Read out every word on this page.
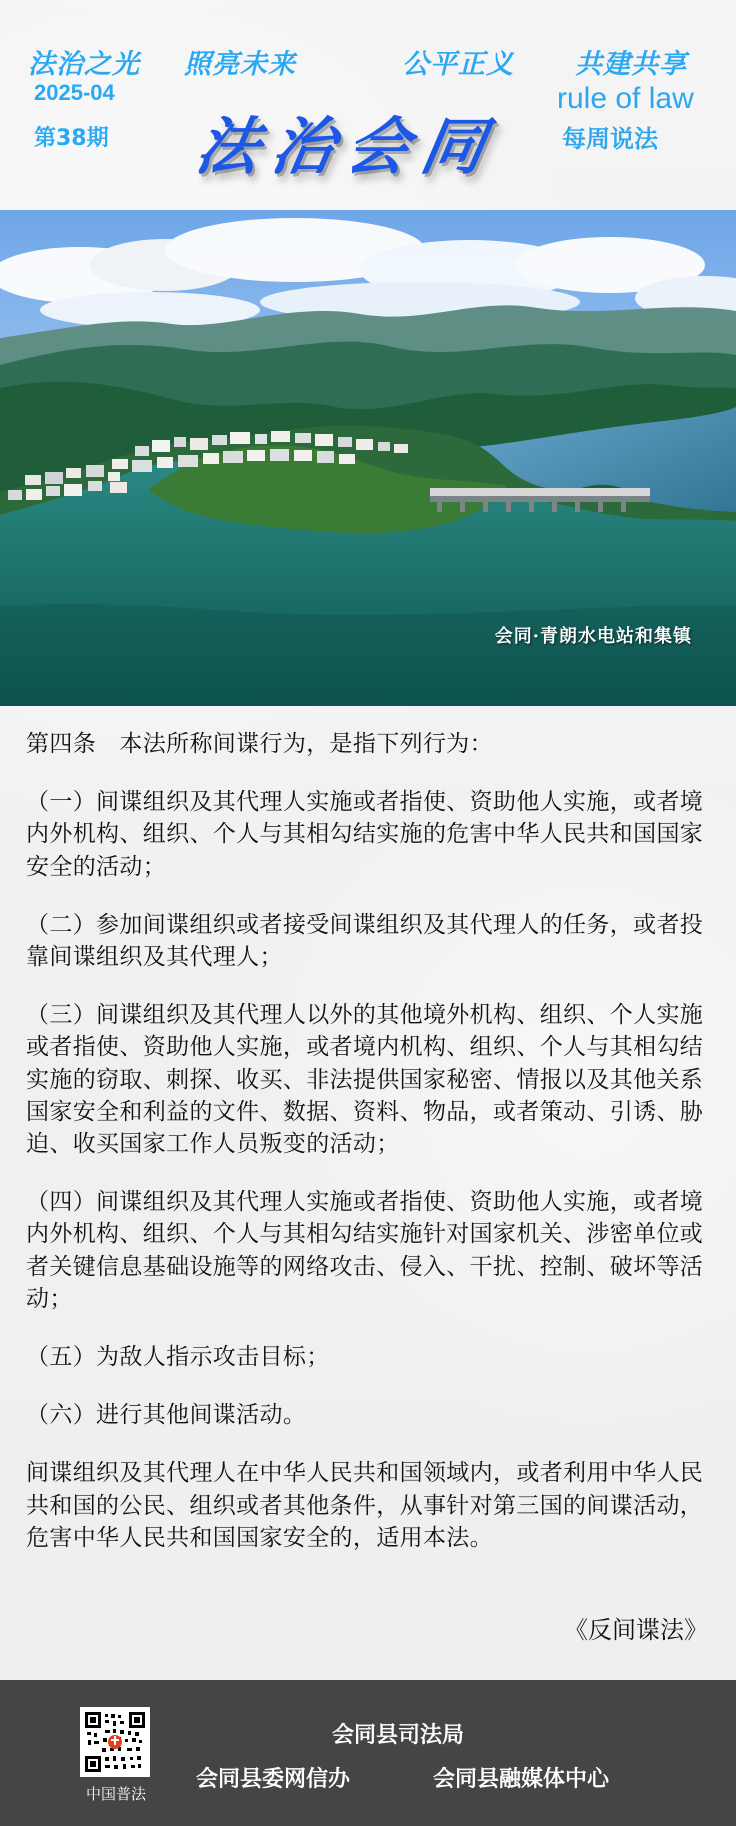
法治之光 照亮未来	公平正义 共建共享
2025-04
第38期 法治会同
rule of law
每周说法
会同·青朗水电站和集镇

第四条　本法所称间谍行为，是指下列行为：

（一）间谍组织及其代理人实施或者指使、资助他人实施，或者境内外机构、组织、个人与其相勾结实施的危害中华人民共和国国家安全的活动；

（二）参加间谍组织或者接受间谍组织及其代理人的任务，或者投靠间谍组织及其代理人；

（三）间谍组织及其代理人以外的其他境外机构、组织、个人实施或者指使、资助他人实施，或者境内机构、组织、个人与其相勾结实施的窃取、刺探、收买、非法提供国家秘密、情报以及其他关系国家安全和利益的文件、数据、资料、物品，或者策动、引诱、胁迫、收买国家工作人员叛变的活动；

（四）间谍组织及其代理人实施或者指使、资助他人实施，或者境内外机构、组织、个人与其相勾结实施针对国家机关、涉密单位或者关键信息基础设施等的网络攻击、侵入、干扰、控制、破坏等活动；

（五）为敌人指示攻击目标；

（六）进行其他间谍活动。

间谍组织及其代理人在中华人民共和国领域内，或者利用中华人民共和国的公民、组织或者其他条件，从事针对第三国的间谍活动，危害中华人民共和国国家安全的，适用本法。

《反间谍法》
中国普法
会同县司法局
会同县委网信办	会同县融媒体中心
